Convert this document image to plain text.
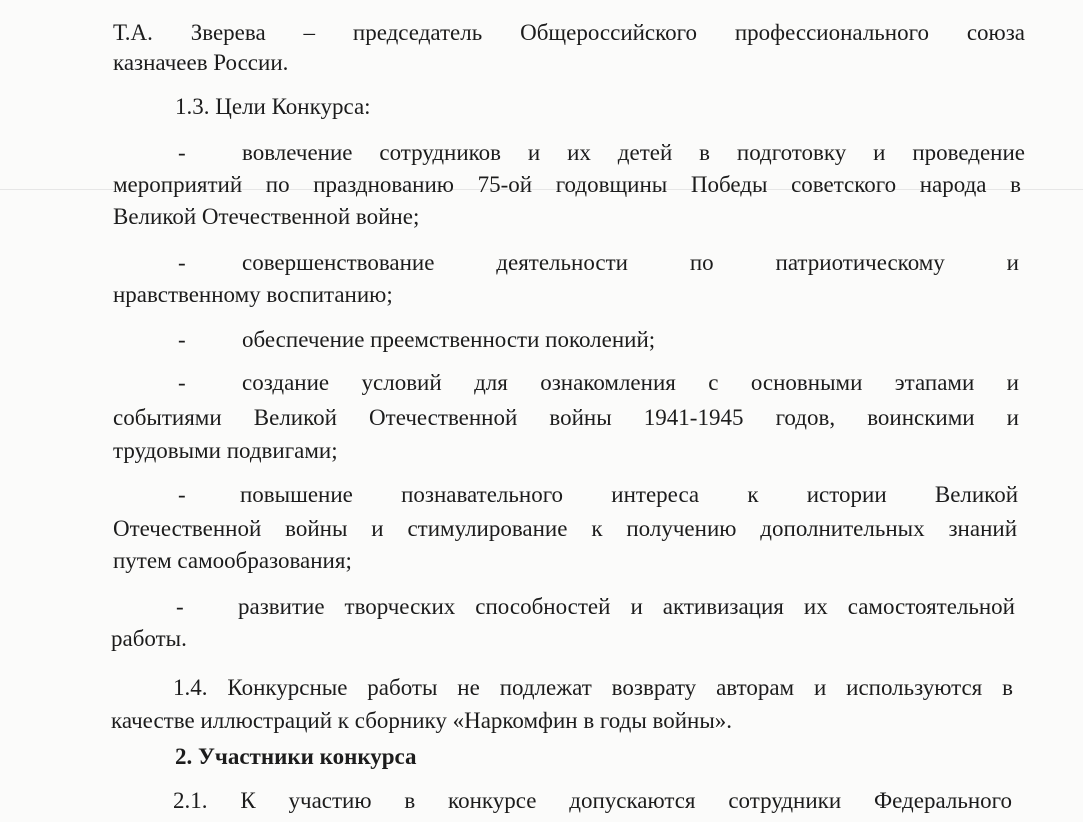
Т.А. Зверева – председатель Общероссийского профессионального союза
казначеев России.
1.3. Цели Конкурса:
- вовлечение сотрудников и их детей в подготовку и проведение
мероприятий по празднованию 75-ой годовщины Победы советского народа в
Великой Отечественной войне;
- совершенствование деятельности по патриотическому и
нравственному воспитанию;
- обеспечение преемственности поколений;
- создание условий для ознакомления с основными этапами и
событиями Великой Отечественной войны 1941-1945 годов, воинскими и
трудовыми подвигами;
- повышение познавательного интереса к истории Великой
Отечественной войны и стимулирование к получению дополнительных знаний
путем самообразования;
- развитие творческих способностей и активизация их самостоятельной
работы.
1.4. Конкурсные работы не подлежат возврату авторам и используются в
качестве иллюстраций к сборнику «Наркомфин в годы войны».
2. Участники конкурса
2.1. К участию в конкурсе допускаются сотрудники Федерального
